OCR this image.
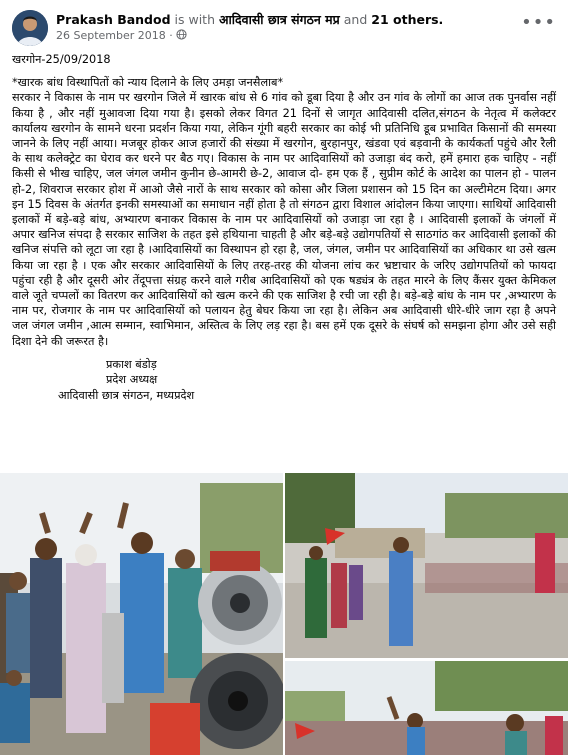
Prakash Bandod is with आदिवासी छात्र संगठन मप्र and 21 others.
26 September 2018 ·
•••

खरगोन-25/09/2018

*खारक बांध विस्थापितों को न्याय दिलाने के लिए उमड़ा जनसैलाब*

सरकार ने विकास के नाम पर खरगोन जिले में खारक बांध से 6 गांव को डूबा दिया है और उन गांव के लोगों का आज तक पुनर्वास नहीं किया है , और नहीं मुआवजा दिया गया है। इसको लेकर विगत 21 दिनों से जागृत आदिवासी दलित,संगठन के नेतृत्व में कलेक्टर कार्यालय खरगोन के सामने धरना प्रदर्शन किया गया, लेकिन गूंगी बहरी सरकार का कोई भी प्रतिनिधि डूब प्रभावित किसानों की समस्या जानने के लिए नहीं आया। मजबूर होकर आज हजारों की संख्या में खरगोन, बुरहानपुर, खंडवा एवं बड़वानी के कार्यकर्ता पहुंचे और रैली के साथ कलेक्ट्रेट का घेराव कर धरने पर बैठ गए। विकास के नाम पर आदिवासियों को उजाड़ा बंद करो, हमें हमारा हक चाहिए - नहीं किसी से भीख चाहिए, जल जंगल जमीन कुनीन छे-आमरी छे-2, आवाज दो- हम एक हैं , सुप्रीम कोर्ट के आदेश का पालन हो - पालन हो-2, शिवराज सरकार होश में आओ जैसे नारों के साथ सरकार को कोसा और जिला प्रशासन को 15 दिन का अल्टीमेटम दिया। अगर इन 15 दिवस के अंतर्गत इनकी समस्याओं का समाधान नहीं होता है तो संगठन द्वारा विशाल आंदोलन किया जाएगा। साथियों आदिवासी इलाकों में बड़े-बड़े बांध, अभ्यारण बनाकर विकास के नाम पर आदिवासियों को उजाड़ा जा रहा है । आदिवासी इलाकों के जंगलों में अपार खनिज संपदा है सरकार साजिश के तहत इसे हथियाना चाहती है और बड़े-बड़े उद्योगपतियों से साठगांठ कर आदिवासी इलाकों की खनिज संपत्ति को लूटा जा रहा है ।आदिवासियों का विस्थापन हो रहा है, जल, जंगल, जमीन पर आदिवासियों का अधिकार था उसे खत्म किया जा रहा है । एक और सरकार आदिवासियों के लिए तरह-तरह की योजना लांच कर भ्रष्टाचार के जरिए उद्योगपतियों को फायदा पहुंचा रही है और दूसरी ओर तेंदूपत्ता संग्रह करने वाले गरीब आदिवासियों को एक षड्यंत्र के तहत मारने के लिए कैंसर युक्त केमिकल वाले जूते चप्पलों का वितरण कर आदिवासियों को खत्म करने की एक साजिश है रची जा रही है। बड़े-बड़े बांध के नाम पर ,अभ्यारण के नाम पर, रोजगार के नाम पर आदिवासियों को पलायन हेतु बेघर किया जा रहा है। लेकिन अब आदिवासी धीरे-धीरे जाग रहा है अपने जल जंगल जमीन ,आत्म सम्मान, स्वाभिमान, अस्तित्व के लिए लड़ रहा है। बस हमें एक दूसरे के संघर्ष को समझना होगा और उसे सही दिशा देने की जरूरत है।

प्रकाश बंडोड़
प्रदेश अध्यक्ष
आदिवासी छात्र संगठन, मध्यप्रदेश
